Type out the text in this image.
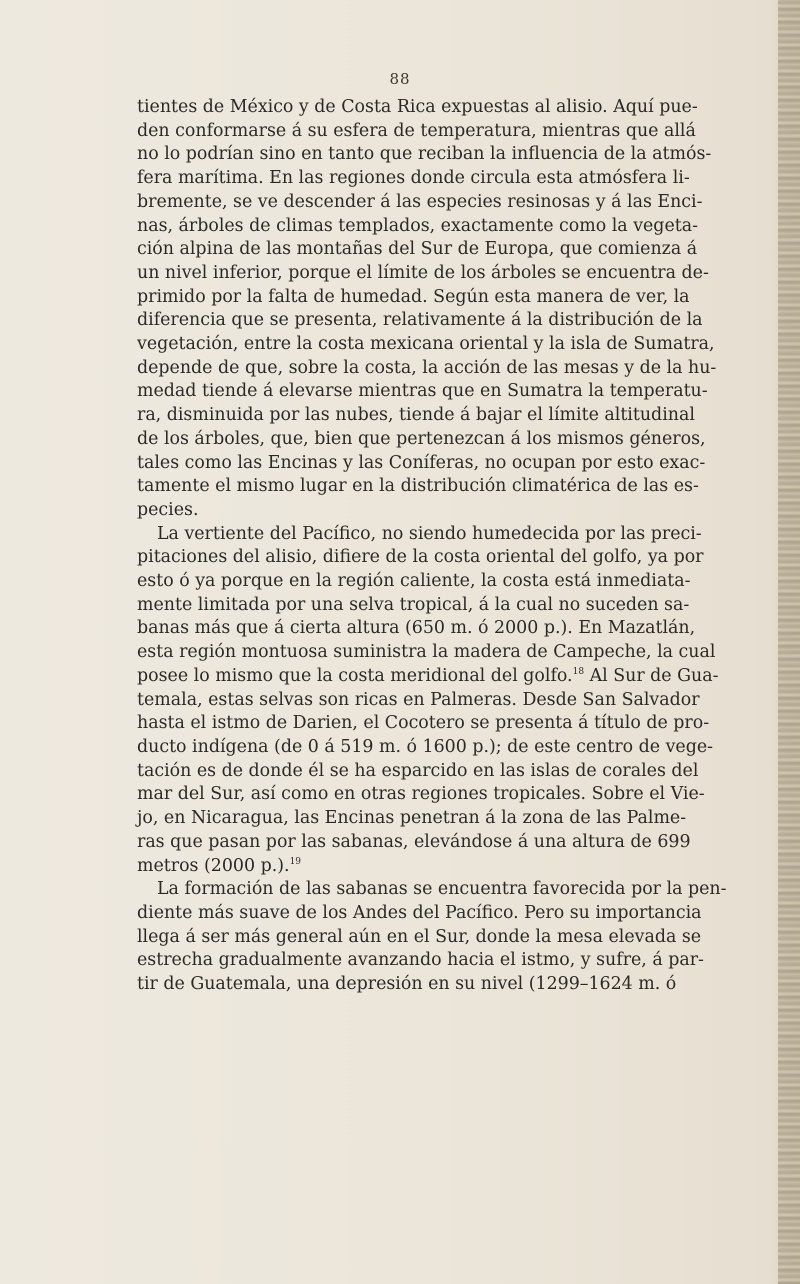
88
tientes de México y de Costa Rica expuestas al alisio. Aquí pue-
den conformarse á su esfera de temperatura, mientras que allá
no lo podrían sino en tanto que reciban la influencia de la atmós-
fera marítima. En las regiones donde circula esta atmósfera li-
bremente, se ve descender á las especies resinosas y á las Enci-
nas, árboles de climas templados, exactamente como la vegeta-
ción alpina de las montañas del Sur de Europa, que comienza á
un nivel inferior, porque el límite de los árboles se encuentra de-
primido por la falta de humedad. Según esta manera de ver, la
diferencia que se presenta, relativamente á la distribución de la
vegetación, entre la costa mexicana oriental y la isla de Sumatra,
depende de que, sobre la costa, la acción de las mesas y de la hu-
medad tiende á elevarse mientras que en Sumatra la temperatu-
ra, disminuida por las nubes, tiende á bajar el límite altitudinal
de los árboles, que, bien que pertenezcan á los mismos géneros,
tales como las Encinas y las Coníferas, no ocupan por esto exac-
tamente el mismo lugar en la distribución climatérica de las es-
pecies.
La vertiente del Pacífico, no siendo humedecida por las preci-
pitaciones del alisio, difiere de la costa oriental del golfo, ya por
esto ó ya porque en la región caliente, la costa está inmediata-
mente limitada por una selva tropical, á la cual no suceden sa-
banas más que á cierta altura (650 m. ó 2000 p.). En Mazatlán,
esta región montuosa suministra la madera de Campeche, la cual
posee lo mismo que la costa meridional del golfo.$^{18}$ Al Sur de Gua-
temala, estas selvas son ricas en Palmeras. Desde San Salvador
hasta el istmo de Darien, el Cocotero se presenta á título de pro-
ducto indígena (de 0 á 519 m. ó 1600 p.); de este centro de vege-
tación es de donde él se ha esparcido en las islas de corales del
mar del Sur, así como en otras regiones tropicales. Sobre el Vie-
jo, en Nicaragua, las Encinas penetran á la zona de las Palme-
ras que pasan por las sabanas, elevándose á una altura de 699
metros (2000 p.).$^{19}$
La formación de las sabanas se encuentra favorecida por la pen-
diente más suave de los Andes del Pacífico. Pero su importancia
llega á ser más general aún en el Sur, donde la mesa elevada se
estrecha gradualmente avanzando hacia el istmo, y sufre, á par-
tir de Guatemala, una depresión en su nivel (1299–1624 m. ó
